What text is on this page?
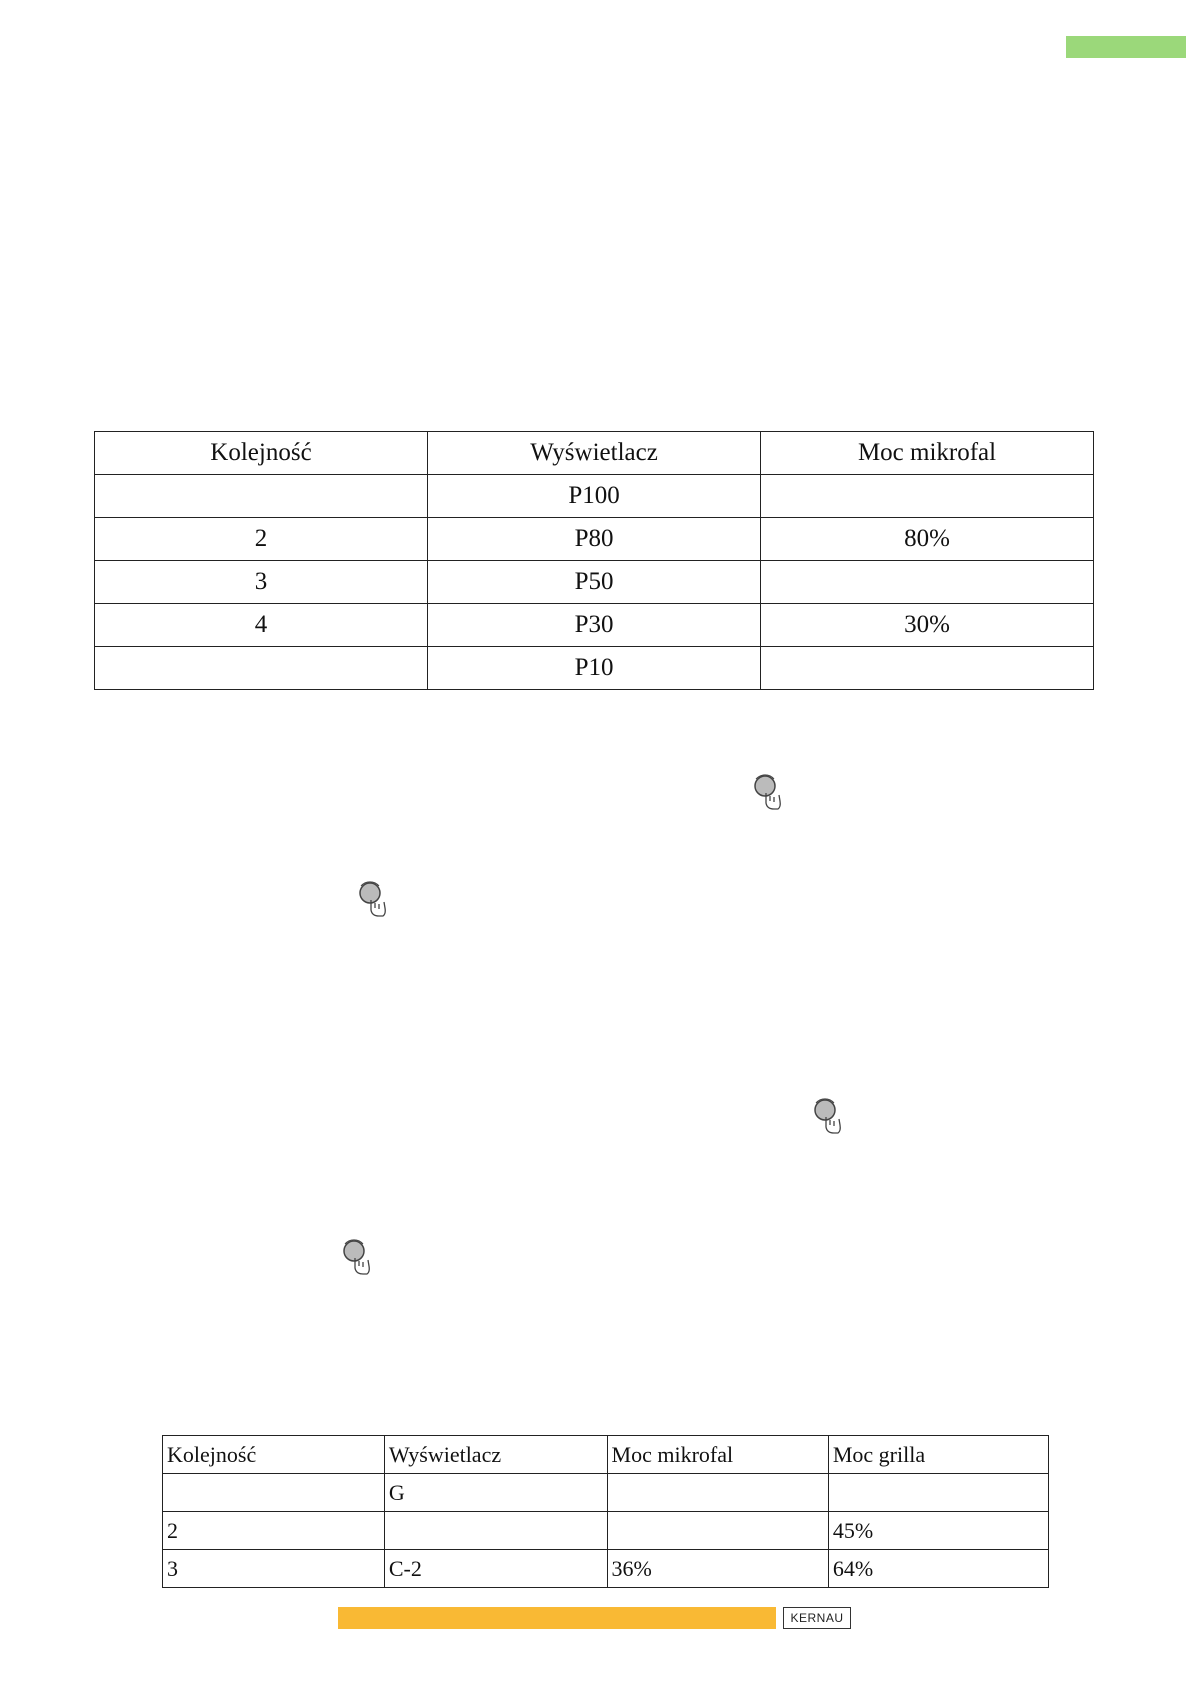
Kolejność	Wyświetlacz	Moc mikrofal
	P100	
2	P80	80%
3	P50	
4	P30	30%
	P10	
Kolejność	Wyświetlacz	Moc mikrofal	Moc grilla
	G		
2			45%
3	C-2	36%	64%
KERNAU
